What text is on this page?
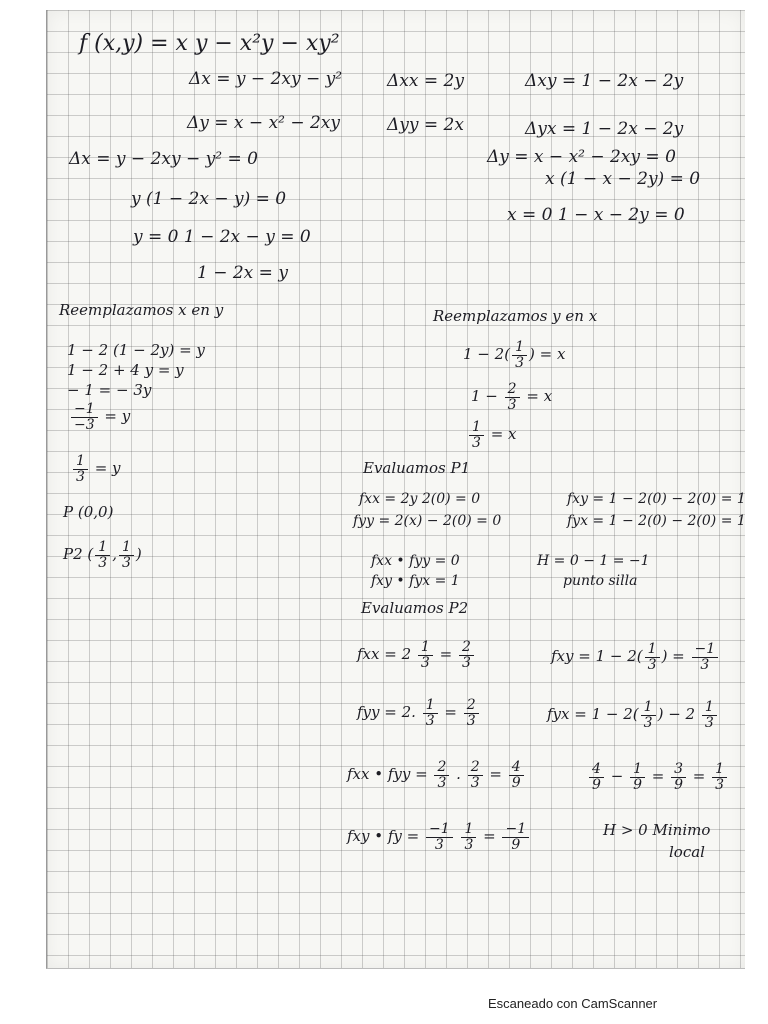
f (x,y) = x y − x²y − xy²
Δx = y − 2xy − y²	Δxx = 2y	Δxy = 1 − 2x − 2y
Δy = x − x² − 2xy	Δyy = 2x	Δyx = 1 − 2x − 2y
Δx = y − 2xy − y² = 0	Δy = x − x² − 2xy = 0
y (1 − 2x − y) = 0
x (1 − x − 2y) = 0
y = 0 1 − 2x − y = 0
x = 0 1 − x − 2y = 0
1 − 2x = y
Reemplazamos x en y	Reemplazamos y en x
1 − 2 (1 − 2y) = y
1 − 2 + 4 y = y
− 1 = − 3y
$\frac{-1}{-3} = y$
$1 - 2( \frac{1}{3}$ ) = x
$1 - \frac{2}{3} = x$
$\frac{1}{3} = x$
$\frac{1}{3} = y$	Evaluamos P1
P (0,0)
fxx = 2y 2(0) = 0	fxy = 1 − 2(0) − 2(0) = 1
fyy = 2(x) − 2(0) = 0	fyx = 1 − 2(0) − 2(0) = 1
P2 ( $\frac{1}{3}$ , $\frac{1}{3}$ )	fxx • fyy = 0
fxy • fyx = 1
H = 0 − 1 = −1
punto silla
Evaluamos P2
fxx = $2 \frac{1}{3} = \frac{2}{3}$	fxy = $1 - 2( \frac{1}{3}$ ) = $\frac{-1}{3}$
fyy = 2. $\frac{1}{3} = \frac{2}{3}$	fyx = $1 - 2( \frac{1}{3}$ ) − $2 \frac{1}{3}$
fxx • fyy = $\frac{2}{3}$ . $\frac{2}{3} = \frac{4}{9}$	$\frac{4}{9} - \frac{1}{9} = \frac{3}{9} = \frac{1}{3}$
fxy • fy = $\frac{-1}{3}$
$\frac{1}{3} = \frac{-1}{9}$	H > 0 Minimo
local
Escaneado con CamScanner
